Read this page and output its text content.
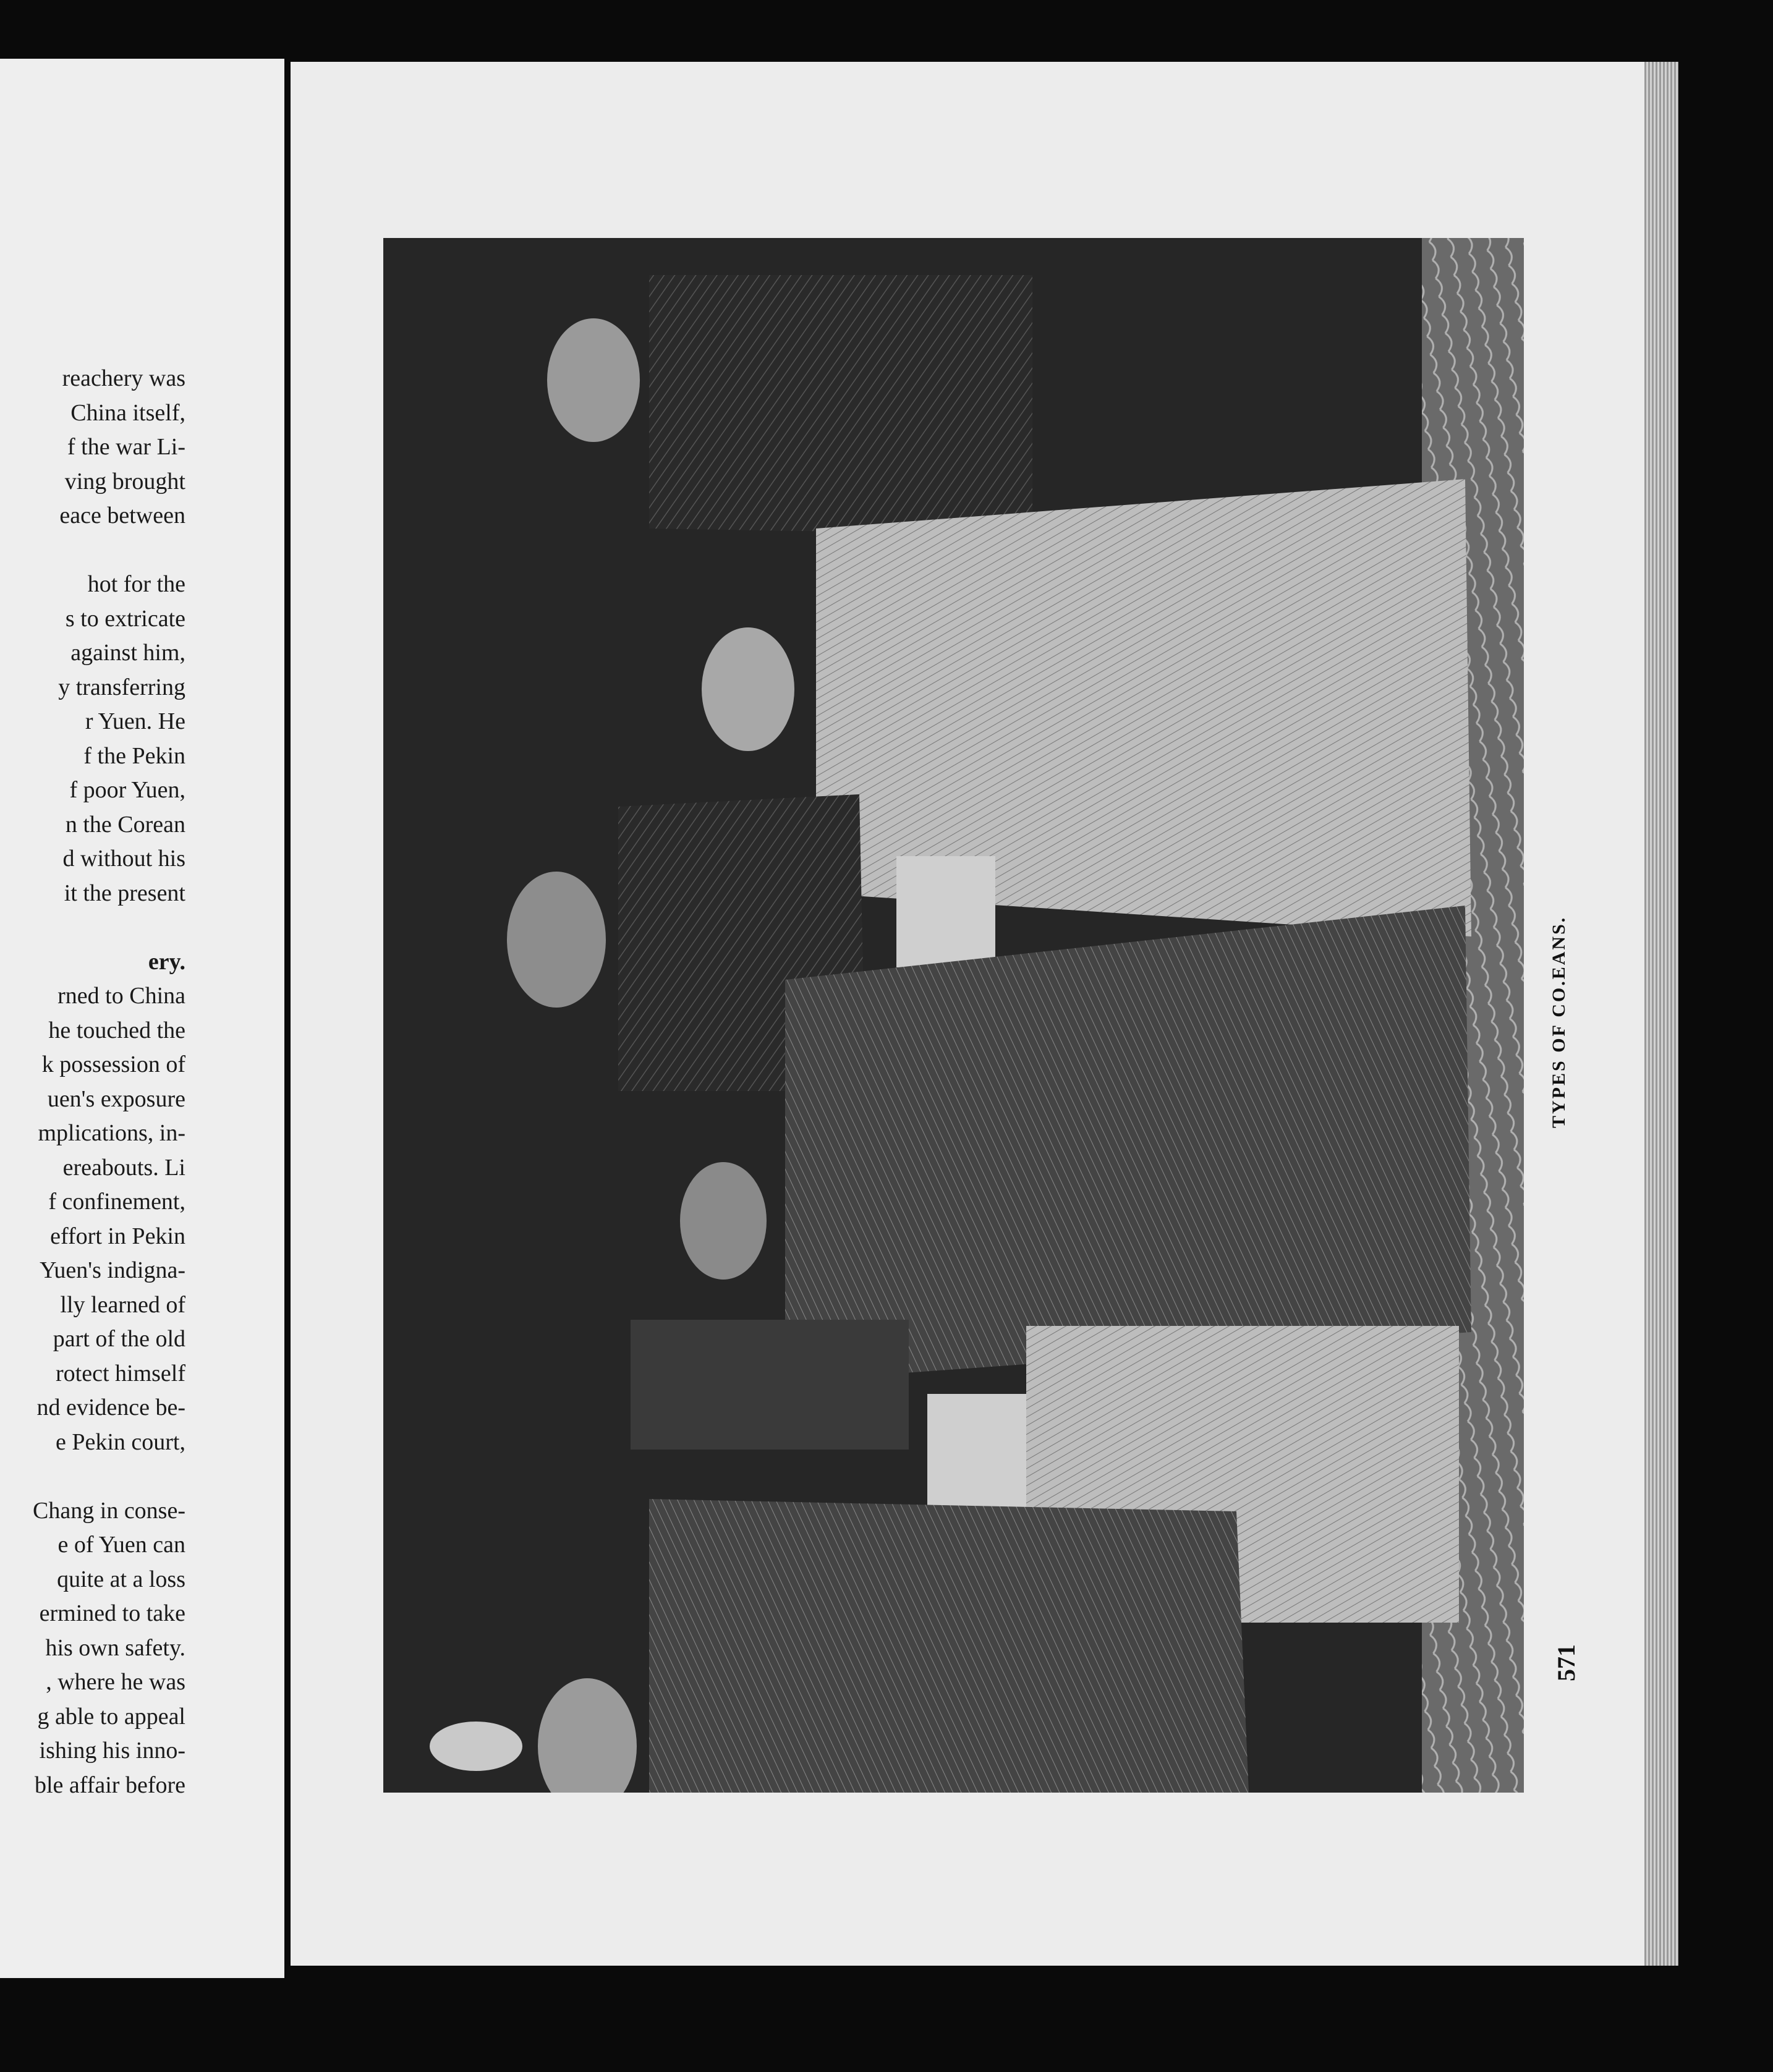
reachery was
China itself,
f the war Li-
ving brought
eace between
hot for the
s to extricate
against him,
y transferring
r Yuen. He
f the Pekin
f poor Yuen,
n the Corean
d without his
it the present
ery.
rned to China
he touched the
k possession of
uen's exposure
mplications, in-
ereabouts. Li
f confinement,
effort in Pekin
Yuen's indigna-
lly learned of
part of the old
rotect himself
nd evidence be-
e Pekin court,
Chang in conse-
e of Yuen can
quite at a loss
ermined to take
his own safety.
, where he was
g able to appeal
ishing his inno-
ble affair before
TYPES OF CO.EANS.
571
